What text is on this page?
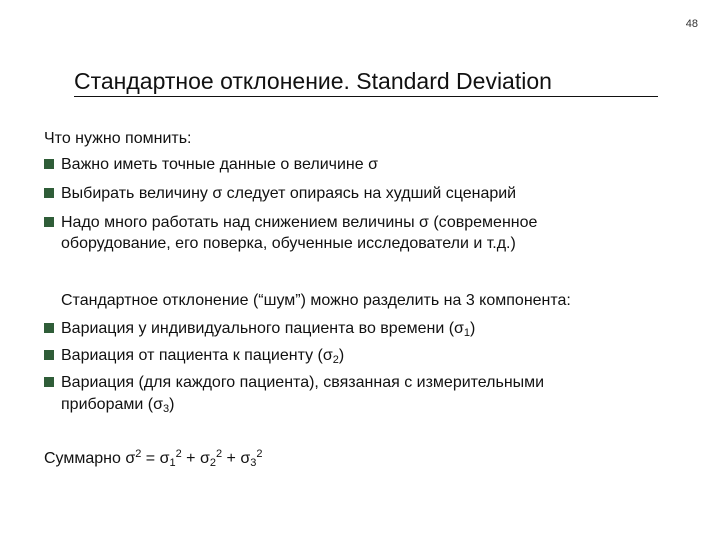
48
Стандартное отклонение. Standard Deviation
Что нужно помнить:
Важно иметь точные данные о величине σ
Выбирать величину σ следует опираясь на худший сценарий
Надо много работать над снижением величины σ (современное
оборудование, его поверка, обученные исследователи и т.д.)
Стандартное отклонение (“шум”) можно разделить на 3 компонента:
Вариация у индивидуального пациента во времени $(\sigma_1)$
Вариация от пациента к пациенту $(\sigma_2)$
Вариация (для каждого пациента), связанная с измерительными
приборами $(\sigma_3)$
Суммарно $\sigma^2 = \sigma_1^2 + \sigma_2^2 + \sigma_3^2$
